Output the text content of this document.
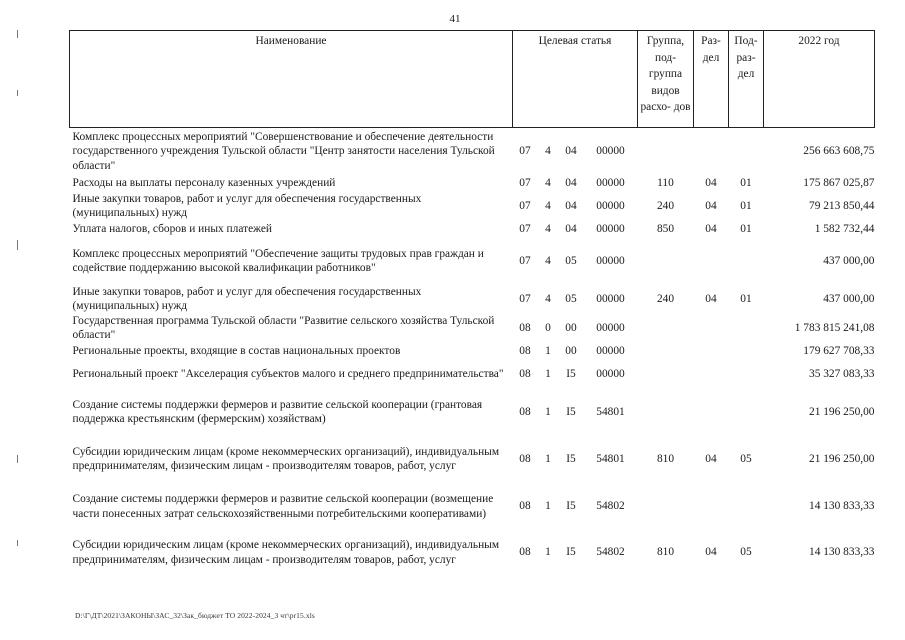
41
Наименование	Целевая статья				Группа, под- группа видов расхо- дов	Раз- дел	Под- раз- дел	2022 год
Комплекс процессных мероприятий "Совершенствование и обеспечение деятельности государственного учреждения Тульской области "Центр занятости населения Тульской области"	07	4	04	00000				256 663 608,75
Расходы на выплаты персоналу казенных учреждений	07	4	04	00000	110	04	01	175 867 025,87
Иные закупки товаров, работ и услуг для обеспечения государственных (муниципальных) нужд	07	4	04	00000	240	04	01	79 213 850,44
Уплата налогов, сборов и иных платежей	07	4	04	00000	850	04	01	1 582 732,44
Комплекс процессных мероприятий "Обеспечение защиты трудовых прав граждан и содействие поддержанию высокой квалификации работников"	07	4	05	00000				437 000,00
Иные закупки товаров, работ и услуг для обеспечения государственных (муниципальных) нужд	07	4	05	00000	240	04	01	437 000,00
Государственная программа Тульской области "Развитие сельского хозяйства Тульской области"	08	0	00	00000				1 783 815 241,08
Региональные проекты, входящие в состав национальных проектов	08	1	00	00000				179 627 708,33
Региональный проект "Акселерация субъектов малого и среднего предпринимательства"	08	1	I5	00000				35 327 083,33
Создание системы поддержки фермеров и развитие сельской кооперации (грантовая поддержка крестьянским (фермерским) хозяйствам)	08	1	I5	54801				21 196 250,00
Субсидии юридическим лицам (кроме некоммерческих организаций), индивидуальным предпринимателям, физическим лицам - производителям товаров, работ, услуг	08	1	I5	54801	810	04	05	21 196 250,00
Создание системы поддержки фермеров и развитие сельской кооперации (возмещение части понесенных затрат сельскохозяйственными потребительскими кооперативами)	08	1	I5	54802				14 130 833,33
Субсидии юридическим лицам (кроме некоммерческих организаций), индивидуальным предпринимателям, физическим лицам - производителям товаров, работ, услуг	08	1	I5	54802	810	04	05	14 130 833,33
D:\Г\ДТ\2021\ЗАКОНЫ\ЗАС_32\Зак_бюджет ТО 2022-2024_3 чт\pr15.xls
